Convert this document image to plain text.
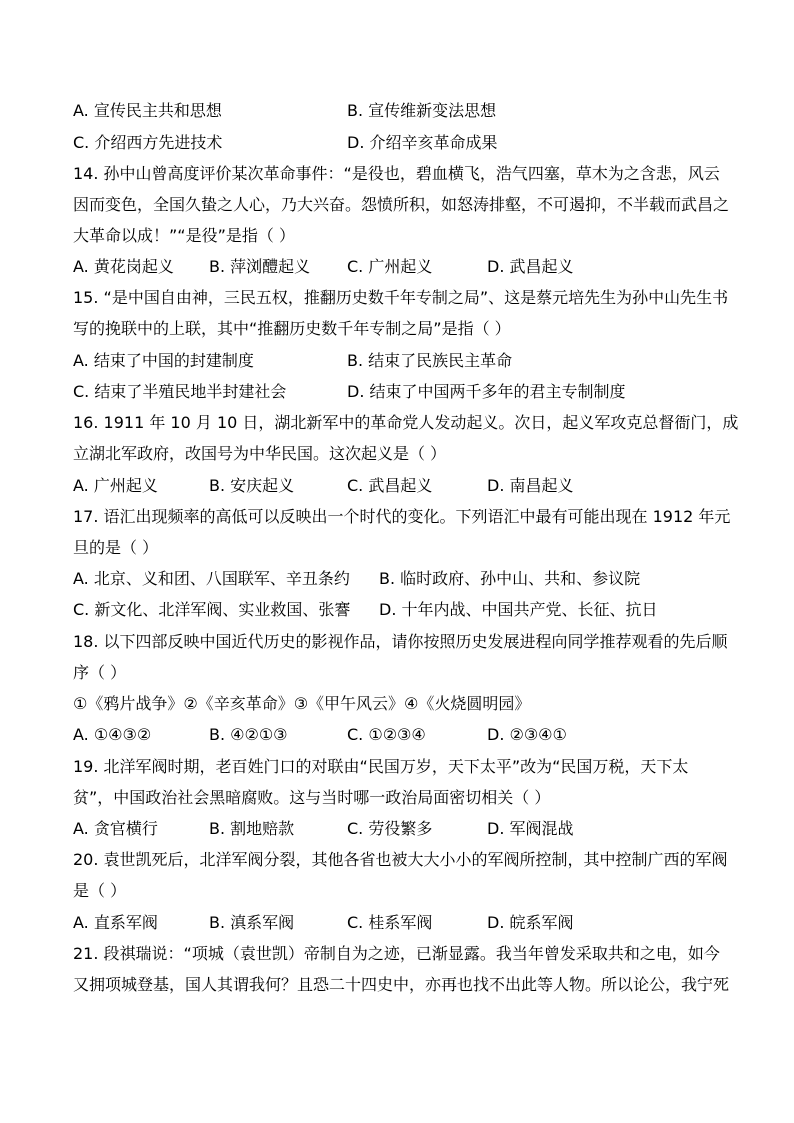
A. 宣传民主共和思想	B. 宣传维新变法思想
C. 介绍西方先进技术	D. 介绍辛亥革命成果
14. 孙中山曾高度评价某次革命事件：“是役也，碧血横飞，浩气四塞，草木为之含悲，风云
因而变色，全国久蛰之人心，乃大兴奋。怨愤所积，如怒涛排壑，不可遏抑，不半载而武昌之
大革命以成！”“是役”是指（ ）
A. 黄花岗起义 B. 萍浏醴起义 C. 广州起义	D. 武昌起义
15. “是中国自由神，三民五权，推翻历史数千年专制之局”、这是蔡元培先生为孙中山先生书
写的挽联中的上联，其中“推翻历史数千年专制之局”是指（ ）
A. 结束了中国的封建制度	B. 结束了民族民主革命
C. 结束了半殖民地半封建社会	D. 结束了中国两千多年的君主专制制度
16. 1911 年 10 月 10 日，湖北新军中的革命党人发动起义。次日，起义军攻克总督衙门，成
立湖北军政府，改国号为中华民国。这次起义是（ ）
A. 广州起义	B. 安庆起义	C. 武昌起义	D. 南昌起义
17. 语汇出现频率的高低可以反映出一个时代的变化。下列语汇中最有可能出现在 1912 年元
旦的是（ ）
A. 北京、义和团、八国联军、辛丑条约 B. 临时政府、孙中山、共和、参议院
C. 新文化、北洋军阀、实业救国、张謇 D. 十年内战、中国共产党、长征、抗日
18. 以下四部反映中国近代历史的影视作品，请你按照历史发展进程向同学推荐观看的先后顺
序（ ）
①《鸦片战争》②《辛亥革命》③《甲午风云》④《火烧圆明园》
A. ①④③②	B. ④②①③	C. ①②③④	D. ②③④①
19. 北洋军阀时期，老百姓门口的对联由“民国万岁，天下太平”改为“民国万税，天下太
贫”，中国政治社会黑暗腐败。这与当时哪一政治局面密切相关（ ）
A. 贪官横行	B. 割地赔款	C. 劳役繁多	D. 军阀混战
20. 袁世凯死后，北洋军阀分裂，其他各省也被大大小小的军阀所控制，其中控制广西的军阀
是（ ）
A. 直系军阀	B. 滇系军阀	C. 桂系军阀	D. 皖系军阀
21. 段祺瑞说：“项城（袁世凯）帝制自为之迹，已渐显露。我当年曾发采取共和之电，如今
又拥项城登基，国人其谓我何？且恐二十四史中，亦再也找不出此等人物。所以论公，我宁死
